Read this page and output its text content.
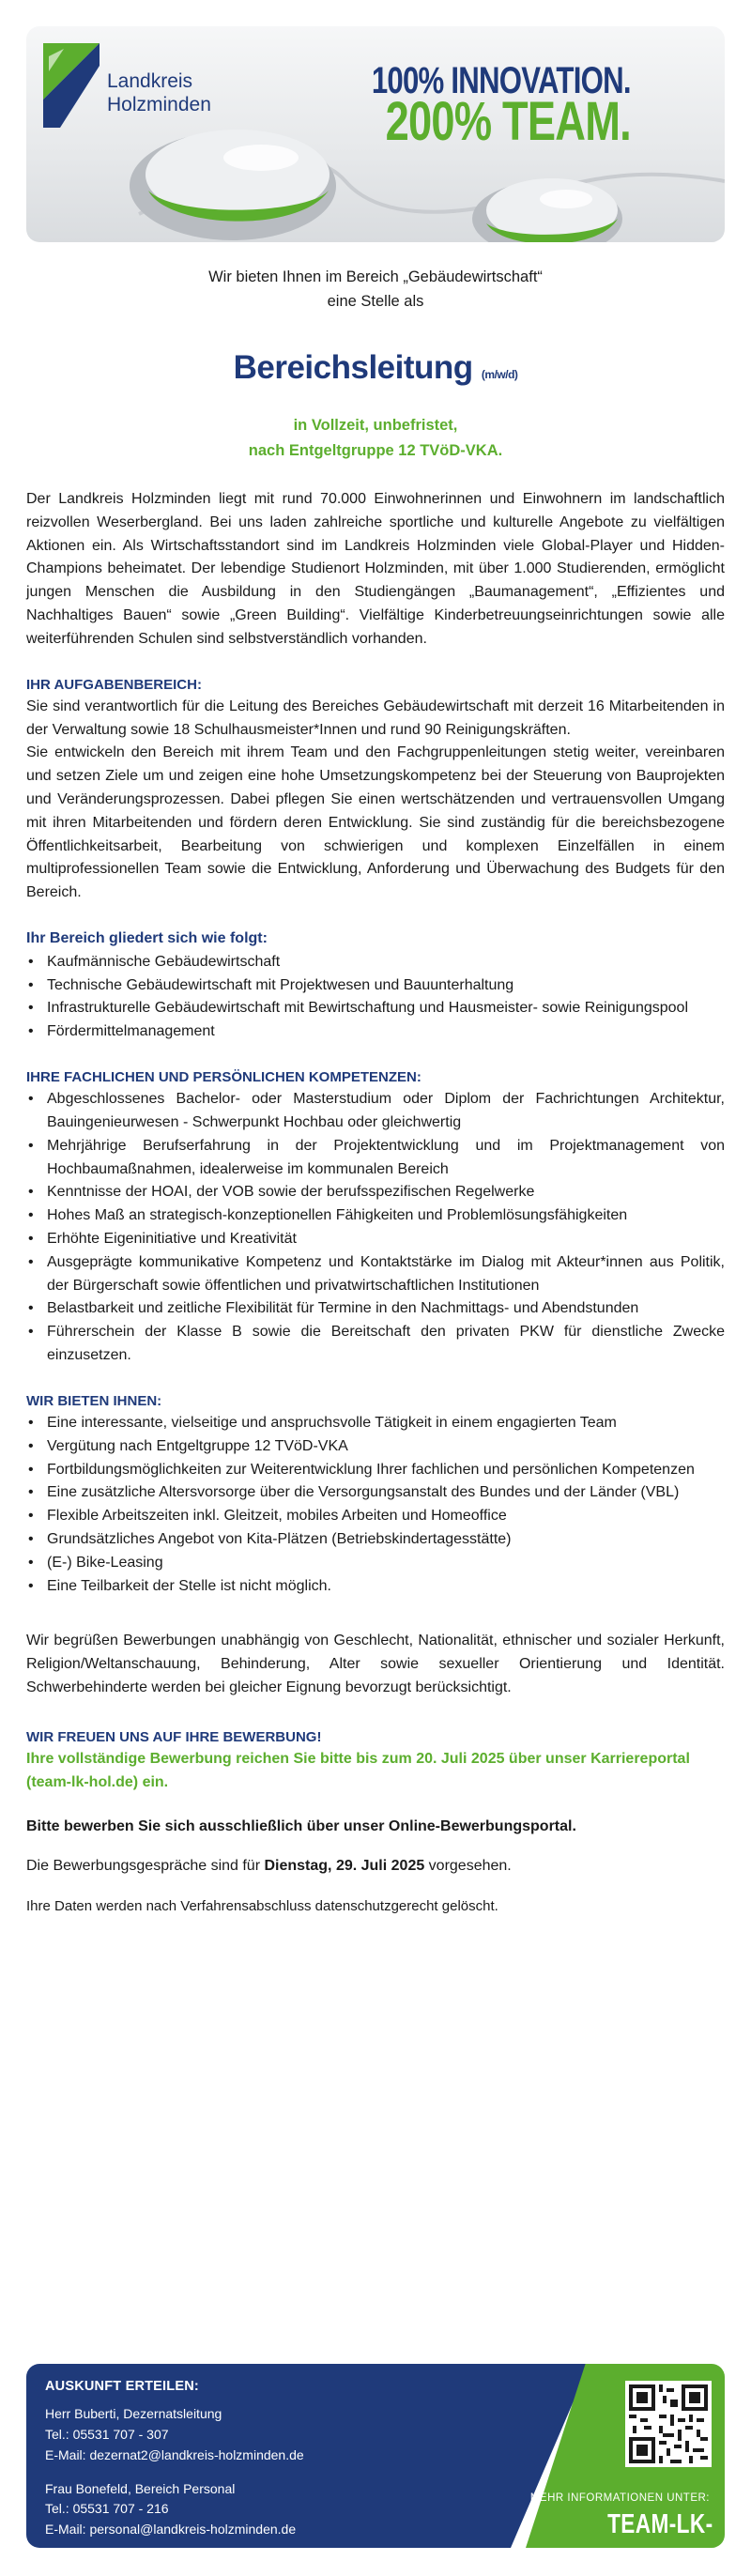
Landkreis
Holzminden
100% INNOVATION.
200% TEAM.
Wir bieten Ihnen im Bereich „Gebäudewirtschaft“
eine Stelle als
Bereichsleitung (m/w/d)
in Vollzeit, unbefristet,
nach Entgeltgruppe 12 TVöD-VKA.

Der Landkreis Holzminden liegt mit rund 70.000 Einwohnerinnen und Einwohnern im landschaftlich reizvollen Weserbergland. Bei uns laden zahlreiche sportliche und kulturelle Angebote zu vielfältigen Aktionen ein. Als Wirtschaftsstandort sind im Landkreis Holzminden viele Global-Player und Hidden-Champions beheimatet. Der lebendige Studienort Holzminden, mit über 1.000 Studierenden, ermöglicht jungen Menschen die Ausbildung in den Studiengängen „Baumanagement“, „Effizientes und Nachhaltiges Bauen“ sowie „Green Building“. Vielfältige Kinderbetreuungseinrichtungen sowie alle weiterführenden Schulen sind selbstverständlich vorhanden.

IHR AUFGABENBEREICH:

Sie sind verantwortlich für die Leitung des Bereiches Gebäudewirtschaft mit derzeit 16 Mitarbeitenden in der Verwaltung sowie 18 Schulhausmeister*Innen und rund 90 Reinigungskräften.

Sie entwickeln den Bereich mit ihrem Team und den Fachgruppenleitungen stetig weiter, vereinbaren und setzen Ziele um und zeigen eine hohe Umsetzungskompetenz bei der Steuerung von Bauprojekten und Veränderungsprozessen. Dabei pflegen Sie einen wertschätzenden und vertrauensvollen Umgang mit ihren Mitarbeitenden und fördern deren Entwicklung. Sie sind zuständig für die bereichsbezogene Öffentlichkeitsarbeit, Bearbeitung von schwierigen und komplexen Einzelfällen in einem multiprofessionellen Team sowie die Entwicklung, Anforderung und Überwachung des Budgets für den Bereich.

Ihr Bereich gliedert sich wie folgt:
• Kaufmännische Gebäudewirtschaft
• Technische Gebäudewirtschaft mit Projektwesen und Bauunterhaltung
• Infrastrukturelle Gebäudewirtschaft mit Bewirtschaftung und Hausmeister- sowie Reinigungspool
• Fördermittelmanagement
IHRE FACHLICHEN UND PERSÖNLICHEN KOMPETENZEN:
• Abgeschlossenes Bachelor- oder Masterstudium oder Diplom der Fachrichtungen Architektur, Bauingenieurwesen - Schwerpunkt Hochbau oder gleichwertig
• Mehrjährige Berufserfahrung in der Projektentwicklung und im Projektmanagement von Hochbaumaßnahmen, idealerweise im kommunalen Bereich
• Kenntnisse der HOAI, der VOB sowie der berufsspezifischen Regelwerke
• Hohes Maß an strategisch-konzeptionellen Fähigkeiten und Problemlösungsfähigkeiten
• Erhöhte Eigeninitiative und Kreativität
• Ausgeprägte kommunikative Kompetenz und Kontaktstärke im Dialog mit Akteur*innen aus Politik, der Bürgerschaft sowie öffentlichen und privatwirtschaftlichen Institutionen
• Belastbarkeit und zeitliche Flexibilität für Termine in den Nachmittags- und Abendstunden
• Führerschein der Klasse B sowie die Bereitschaft den privaten PKW für dienstliche Zwecke einzusetzen.
WIR BIETEN IHNEN:
• Eine interessante, vielseitige und anspruchsvolle Tätigkeit in einem engagierten Team
• Vergütung nach Entgeltgruppe 12 TVöD-VKA
• Fortbildungsmöglichkeiten zur Weiterentwicklung Ihrer fachlichen und persönlichen Kompetenzen
• Eine zusätzliche Altersvorsorge über die Versorgungsanstalt des Bundes und der Länder (VBL)
• Flexible Arbeitszeiten inkl. Gleitzeit, mobiles Arbeiten und Homeoffice
• Grundsätzliches Angebot von Kita-Plätzen (Betriebskindertagesstätte)
• (E-) Bike-Leasing
• Eine Teilbarkeit der Stelle ist nicht möglich.

Wir begrüßen Bewerbungen unabhängig von Geschlecht, Nationalität, ethnischer und sozialer Herkunft, Religion/Weltanschauung, Behinderung, Alter sowie sexueller Orientierung und Identität. Schwerbehinderte werden bei gleicher Eignung bevorzugt berücksichtigt.

WIR FREUEN UNS AUF IHRE BEWERBUNG!

Ihre vollständige Bewerbung reichen Sie bitte bis zum 20. Juli 2025 über unser Karriereportal (team-lk-hol.de) ein.

Bitte bewerben Sie sich ausschließlich über unser Online-Bewerbungsportal.

Die Bewerbungsgespräche sind für Dienstag, 29. Juli 2025 vorgesehen.

Ihre Daten werden nach Verfahrensabschluss datenschutzgerecht gelöscht.

AUSKUNFT ERTEILEN:
Herr Buberti, Dezernatsleitung
Tel.: 05531 707 - 307
E-Mail: dezernat2@landkreis-holzminden.de
Frau Bonefeld, Bereich Personal
Tel.: 05531 707 - 216
E-Mail: personal@landkreis-holzminden.de
MEHR INFORMATIONEN UNTER:
TEAM-LK-HOL.DE
